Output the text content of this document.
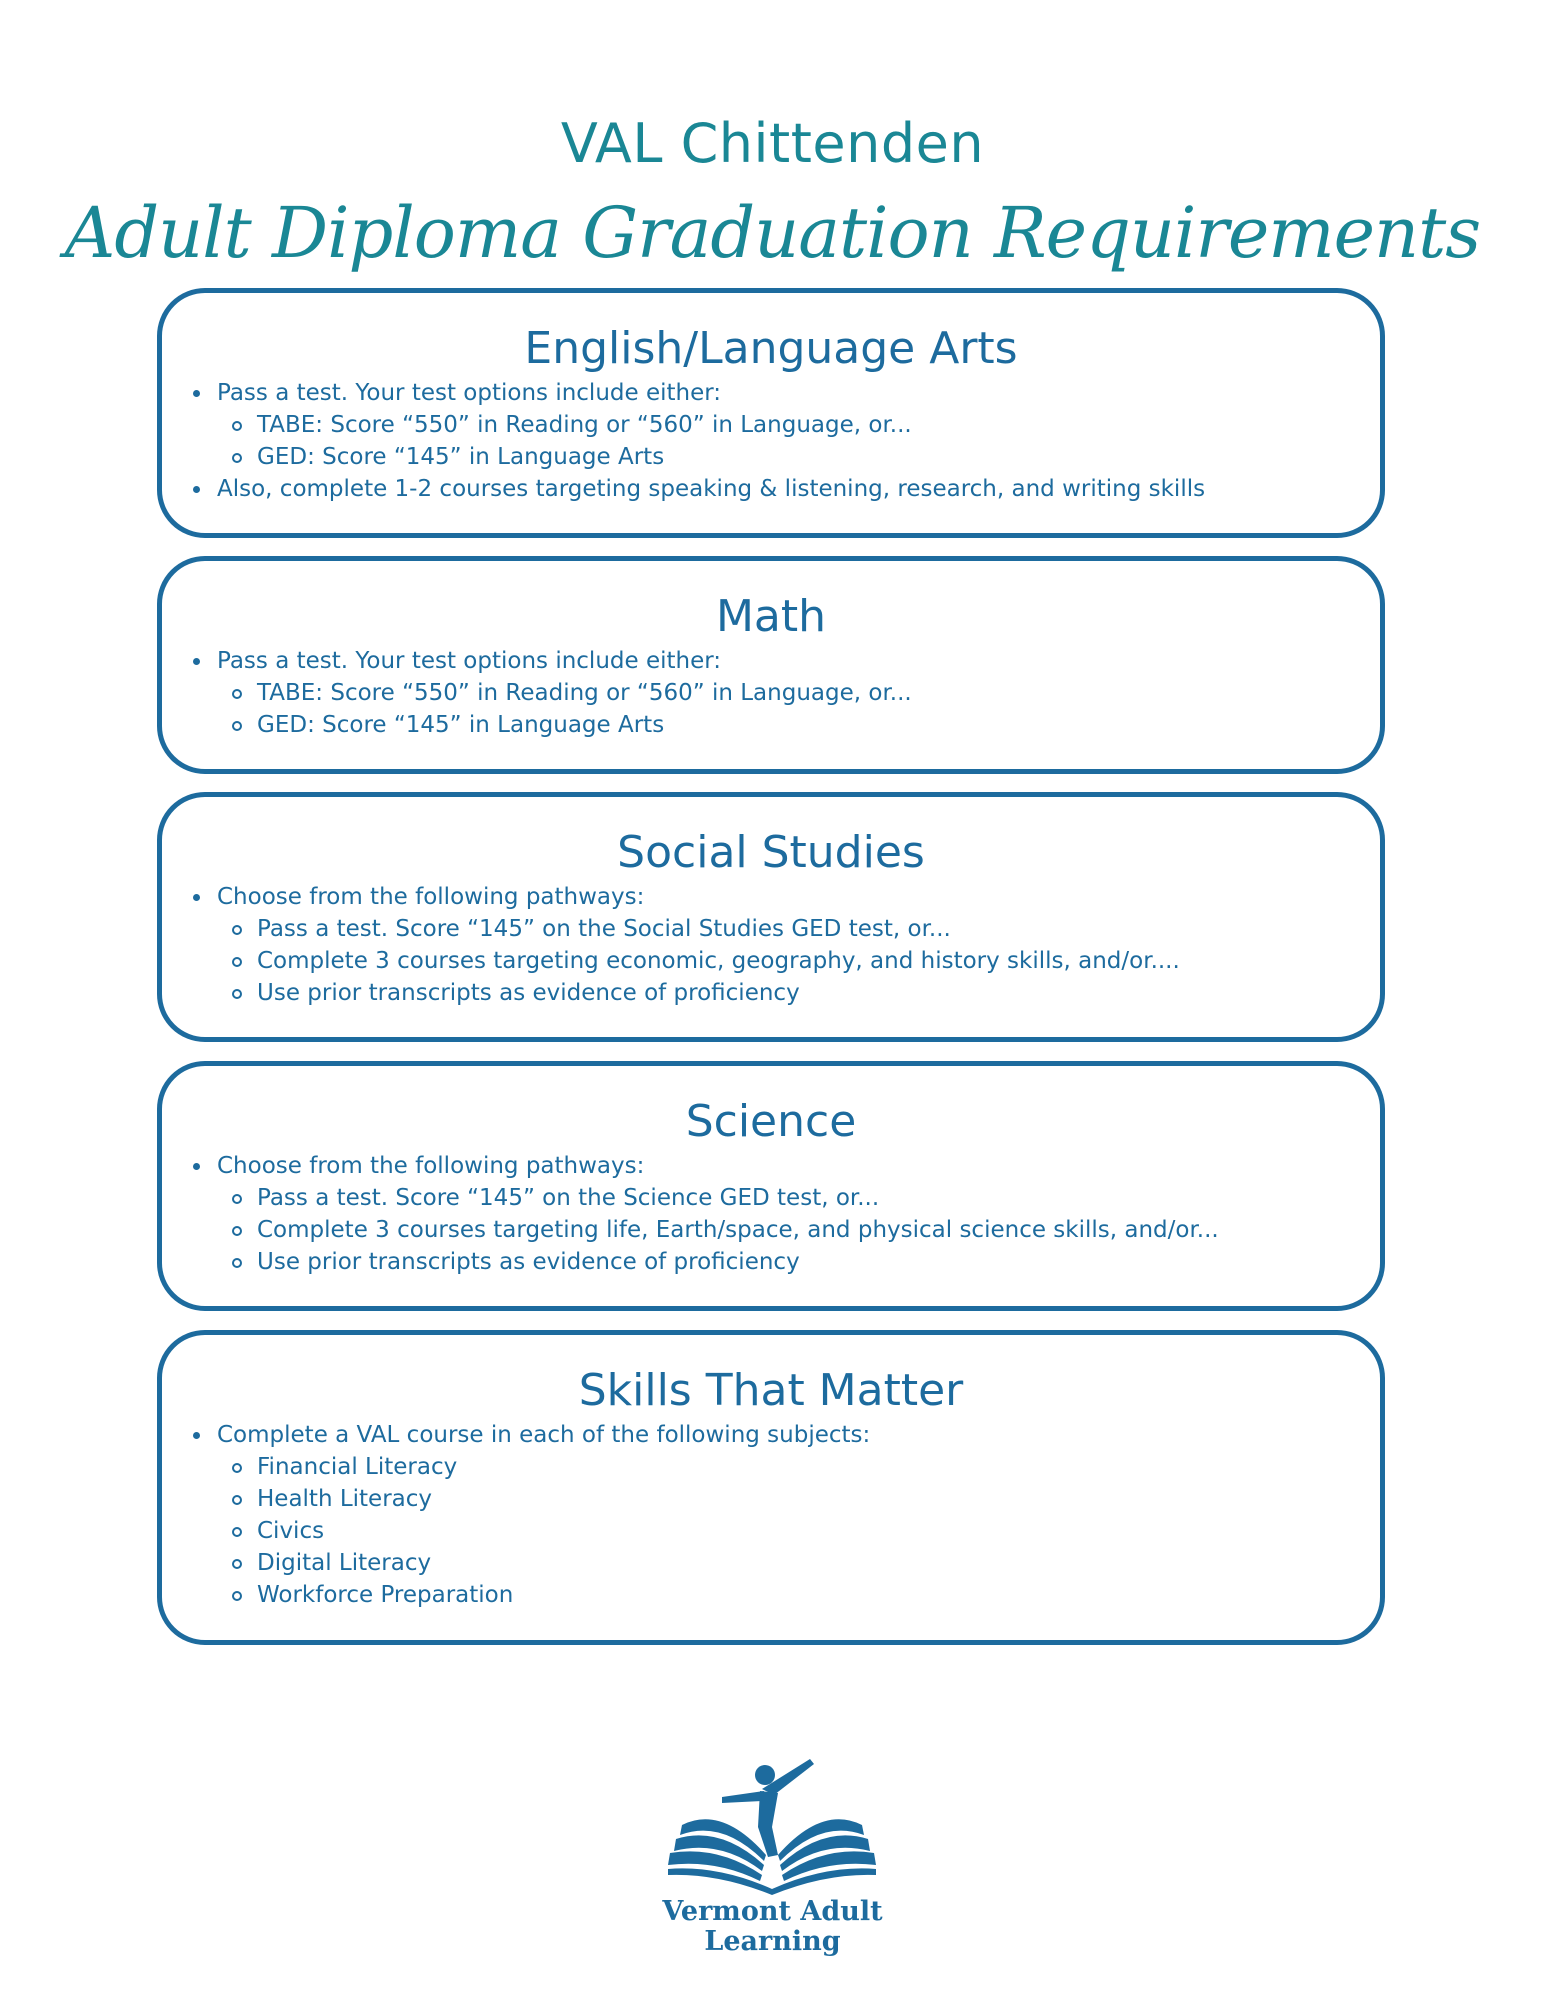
VAL Chittenden
Adult Diploma Graduation Requirements
English/Language Arts
Pass a test. Your test options include either:
TABE: Score “550” in Reading or “560” in Language, or...
GED: Score “145” in Language Arts
Also, complete 1-2 courses targeting speaking & listening, research, and writing skills
Math
Pass a test. Your test options include either:
TABE: Score “550” in Reading or “560” in Language, or...
GED: Score “145” in Language Arts
Social Studies
Choose from the following pathways:
Pass a test. Score “145” on the Social Studies GED test, or...
Complete 3 courses targeting economic, geography, and history skills, and/or....
Use prior transcripts as evidence of proficiency
Science
Choose from the following pathways:
Pass a test. Score “145” on the Science GED test, or...
Complete 3 courses targeting life, Earth/space, and physical science skills, and/or...
Use prior transcripts as evidence of proficiency
Skills That Matter
Complete a VAL course in each of the following subjects:
Financial Literacy
Health Literacy
Civics
Digital Literacy
Workforce Preparation

Vermont Adult

Learning
